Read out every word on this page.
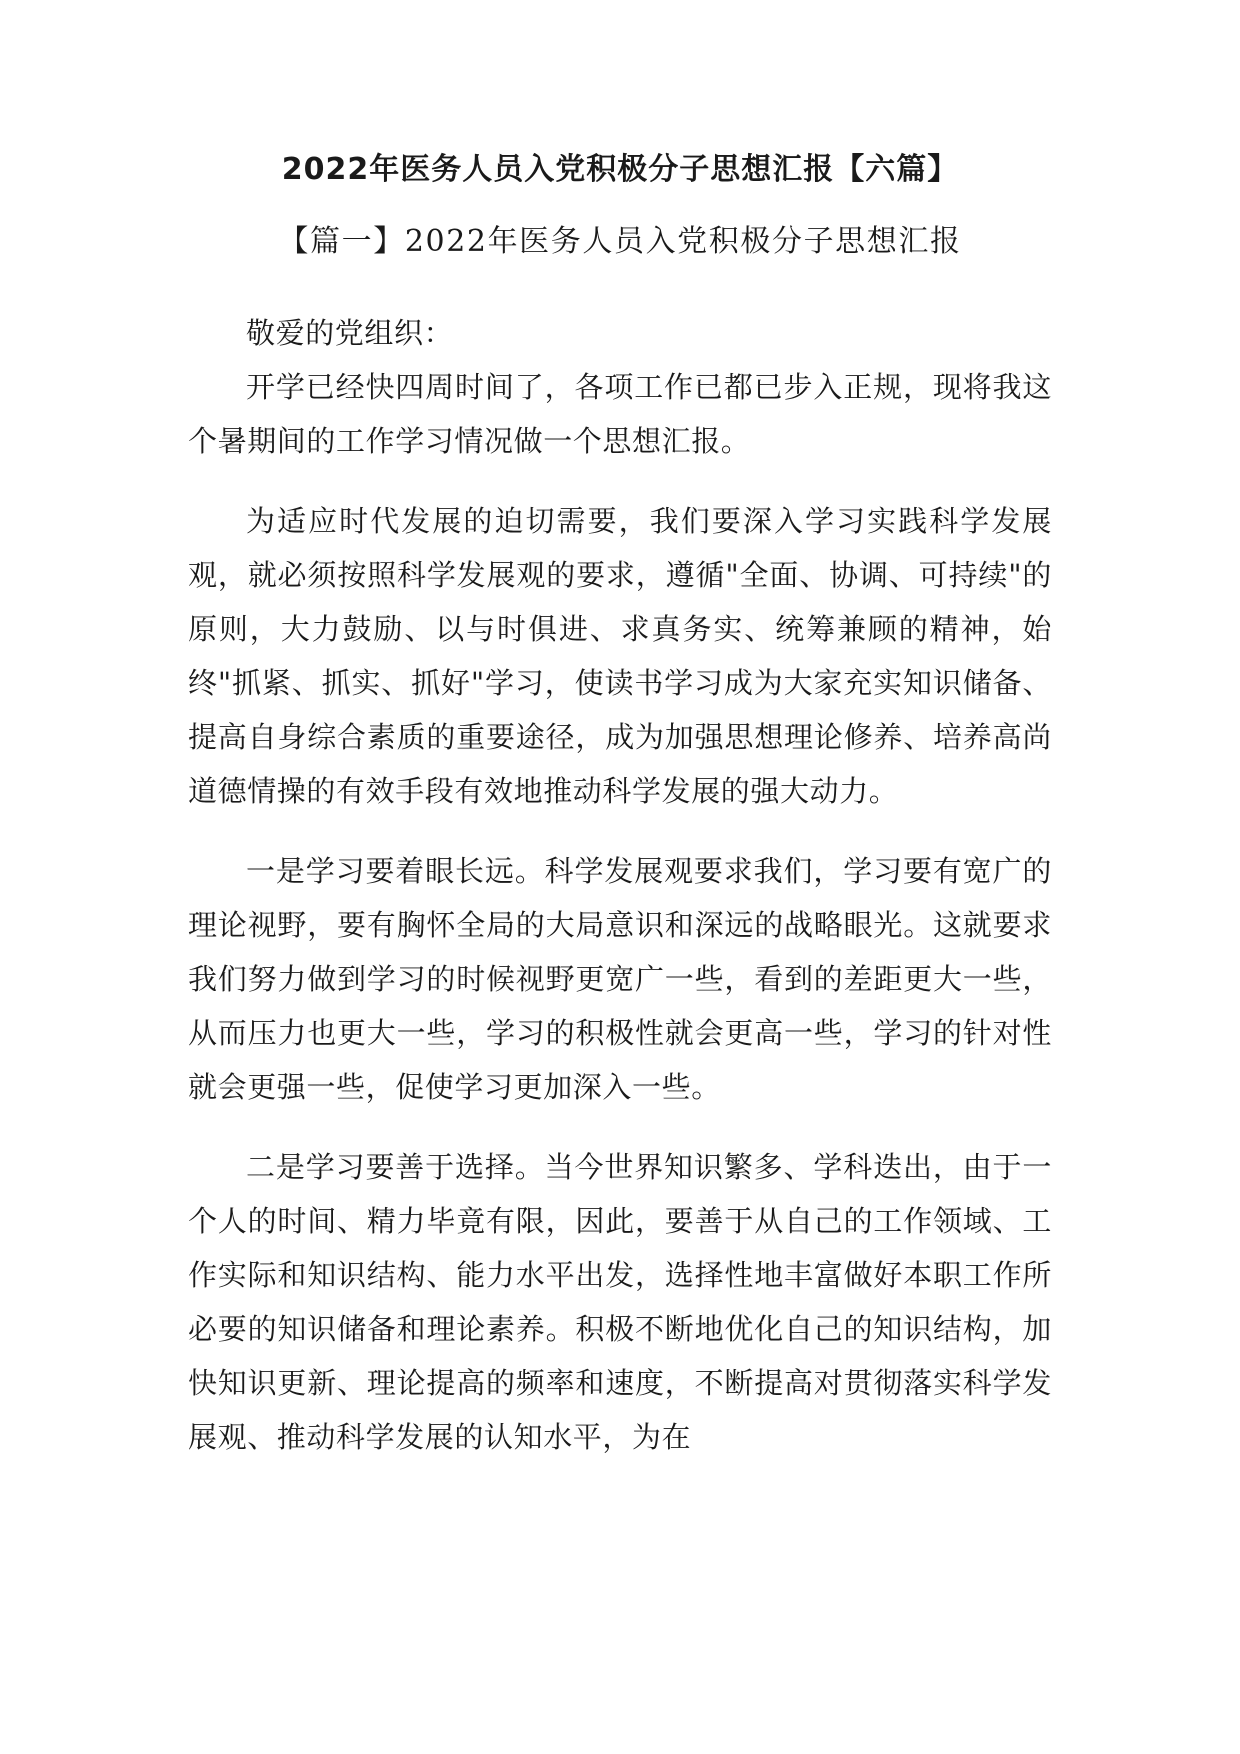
2022年医务人员入党积极分子思想汇报【六篇】
【篇一】2022年医务人员入党积极分子思想汇报

敬爱的党组织：

开学已经快四周时间了，各项工作已都已步入正规，现将我这个暑期间的工作学习情况做一个思想汇报。

为适应时代发展的迫切需要，我们要深入学习实践科学发展观，就必须按照科学发展观的要求，遵循"全面、协调、可持续"的原则，大力鼓励、以与时俱进、求真务实、统筹兼顾的精神，始终"抓紧、抓实、抓好"学习，使读书学习成为大家充实知识储备、提高自身综合素质的重要途径，成为加强思想理论修养、培养高尚道德情操的有效手段有效地推动科学发展的强大动力。

一是学习要着眼长远。科学发展观要求我们，学习要有宽广的理论视野，要有胸怀全局的大局意识和深远的战略眼光。这就要求我们努力做到学习的时候视野更宽广一些，看到的差距更大一些，从而压力也更大一些，学习的积极性就会更高一些，学习的针对性就会更强一些，促使学习更加深入一些。

二是学习要善于选择。当今世界知识繁多、学科迭出，由于一个人的时间、精力毕竟有限，因此，要善于从自己的工作领域、工作实际和知识结构、能力水平出发，选择性地丰富做好本职工作所必要的知识储备和理论素养。积极不断地优化自己的知识结构，加快知识更新、理论提高的频率和速度，不断提高对贯彻落实科学发展观、推动科学发展的认知水平，为在
